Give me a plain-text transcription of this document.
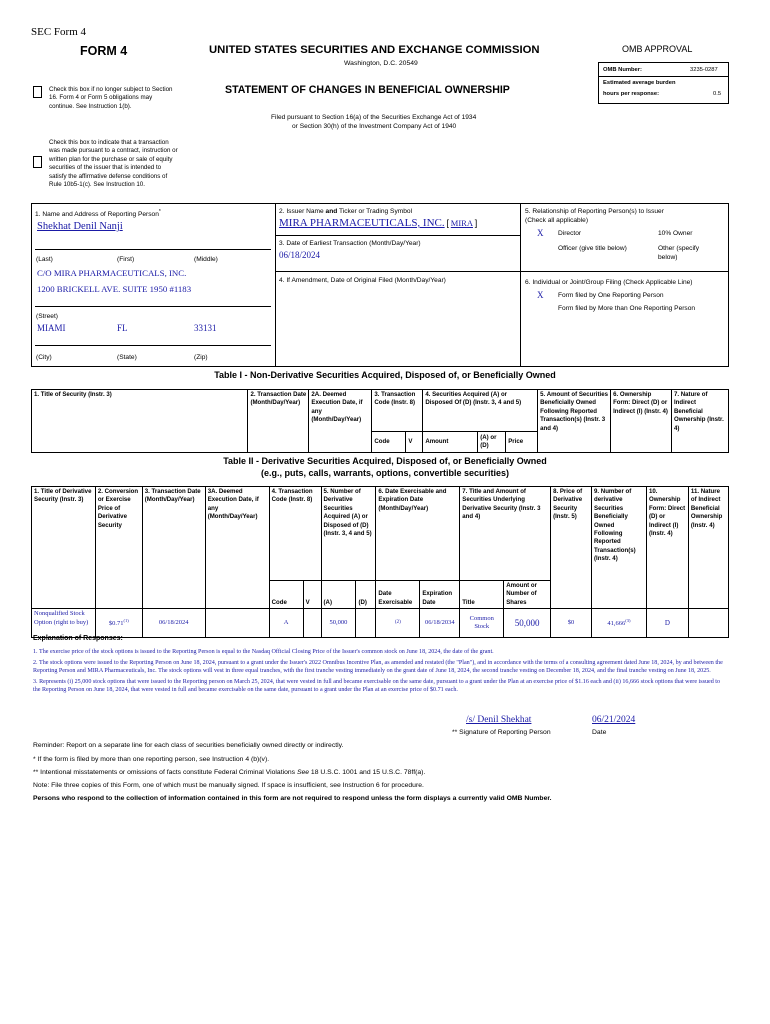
SEC Form 4
FORM 4	UNITED STATES SECURITIES AND EXCHANGE COMMISSION
Washington, D.C. 20549
Check this box if no longer subject to Section 16. Form 4 or Form 5 obligations may continue. See Instruction 1(b).
STATEMENT OF CHANGES IN BENEFICIAL OWNERSHIP
Filed pursuant to Section 16(a) of the Securities Exchange Act of 1934
or Section 30(h) of the Investment Company Act of 1940
OMB APPROVAL
OMB Number:	3235-0287
Estimated average burden
hours per response:	0.5
Check this box to indicate that a transaction was made pursuant to a contract, instruction or written plan for the purchase or sale of equity securities of the issuer that is intended to satisfy the affirmative defense conditions of Rule 10b5-1(c). See Instruction 10.
1. Name and Address of Reporting Person*
Shekhat Denil Nanji
(Last)	(First)	(Middle)
C/O MIRA PHARMACEUTICALS, INC.
1200 BRICKELL AVE. SUITE 1950 #1183
(Street)
MIAMI	FL	33131
(City)	(State)	(Zip)
2. Issuer Name and Ticker or Trading Symbol
MIRA PHARMACEUTICALS, INC. [ MIRA ]
3. Date of Earliest Transaction (Month/Day/Year)
06/18/2024
4. If Amendment, Date of Original Filed (Month/Day/Year)
5. Relationship of Reporting Person(s) to Issuer
(Check all applicable)
X Director	10% Owner
Officer (give title below)	Other (specify below)
6. Individual or Joint/Group Filing (Check Applicable Line)
X Form filed by One Reporting Person
Form filed by More than One Reporting Person
Table I - Non-Derivative Securities Acquired, Disposed of, or Beneficially Owned
1. Title of Security (Instr. 3)	2. Transaction Date (Month/Day/Year)	2A. Deemed Execution Date, if any (Month/Day/Year)	3. Transaction Code (Instr. 8)		4. Securities Acquired (A) or Disposed Of (D) (Instr. 3, 4 and 5)			5. Amount of Securities Beneficially Owned Following Reported Transaction(s) (Instr. 3 and 4)	6. Ownership Form: Direct (D) or Indirect (I) (Instr. 4)	7. Nature of Indirect Beneficial Ownership (Instr. 4)
			Code	V	Amount	(A) or (D)	Price			
Table II - Derivative Securities Acquired, Disposed of, or Beneficially Owned
(e.g., puts, calls, warrants, options, convertible securities)
1. Title of Derivative Security (Instr. 3)	2. Conversion or Exercise Price of Derivative Security	3. Transaction Date (Month/Day/Year)	3A. Deemed Execution Date, if any (Month/Day/Year)	4. Transaction Code (Instr. 8)		5. Number of Derivative Securities Acquired (A) or Disposed of (D) (Instr. 3, 4 and 5)		6. Date Exercisable and Expiration Date (Month/Day/Year)		7. Title and Amount of Securities Underlying Derivative Security (Instr. 3 and 4)		8. Price of Derivative Security (Instr. 5)	9. Number of derivative Securities Beneficially Owned Following Reported Transaction(s) (Instr. 4)	10. Ownership Form: Direct (D) or Indirect (I) (Instr. 4)	11. Nature of Indirect Beneficial Ownership (Instr. 4)
				Code	V	(A)	(D)	Date Exercisable	Expiration Date	Title	Amount or Number of Shares				
Nonqualified Stock Option (right to buy)	$0.71$^{(1)}$	06/18/2024		A		50,000		(2)	06/18/2034	Common Stock	50,000	$0	41,666$^{(3)}$	D	
Explanation of Responses:

1. The exercise price of the stock options is issued to the Reporting Person is equal to the Nasdaq Official Closing Price of the Issuer's common stock on June 18, 2024, the date of the grant.

2. The stock options were issued to the Reporting Person on June 18, 2024, pursuant to a grant under the Issuer's 2022 Omnibus Incentive Plan, as amended and restated (the "Plan"), and in accordance with the terms of a consulting agreement dated June 18, 2024, by and between the Reporting Person and MIRA Pharmaceuticals, Inc. The stock options will vest in three equal tranches, with the first tranche vesting immediately on the grant date of June 18, 2024, the second tranche vesting on December 18, 2024, and the final tranche vesting on June 18, 2025.

3. Represents (i) 25,000 stock options that were issued to the Reporting person on March 25, 2024, that were vested in full and became exercisable on the same date, pursuant to a grant under the Plan at an exercise price of $1.16 each and (ii) 16,666 stock options that were issued to the Reporting Person on June 18, 2024, that were vested in full and became exercisable on the same date, pursuant to a grant under the Plan at an exercise price of $0.71 each.

/s/ Denil Shekhat	06/21/2024
** Signature of Reporting Person	Date
Reminder: Report on a separate line for each class of securities beneficially owned directly or indirectly.
* If the form is filed by more than one reporting person, see Instruction 4 (b)(v).
** Intentional misstatements or omissions of facts constitute Federal Criminal Violations See 18 U.S.C. 1001 and 15 U.S.C. 78ff(a).
Note: File three copies of this Form, one of which must be manually signed. If space is insufficient, see Instruction 6 for procedure.
Persons who respond to the collection of information contained in this form are not required to respond unless the form displays a currently valid OMB Number.
